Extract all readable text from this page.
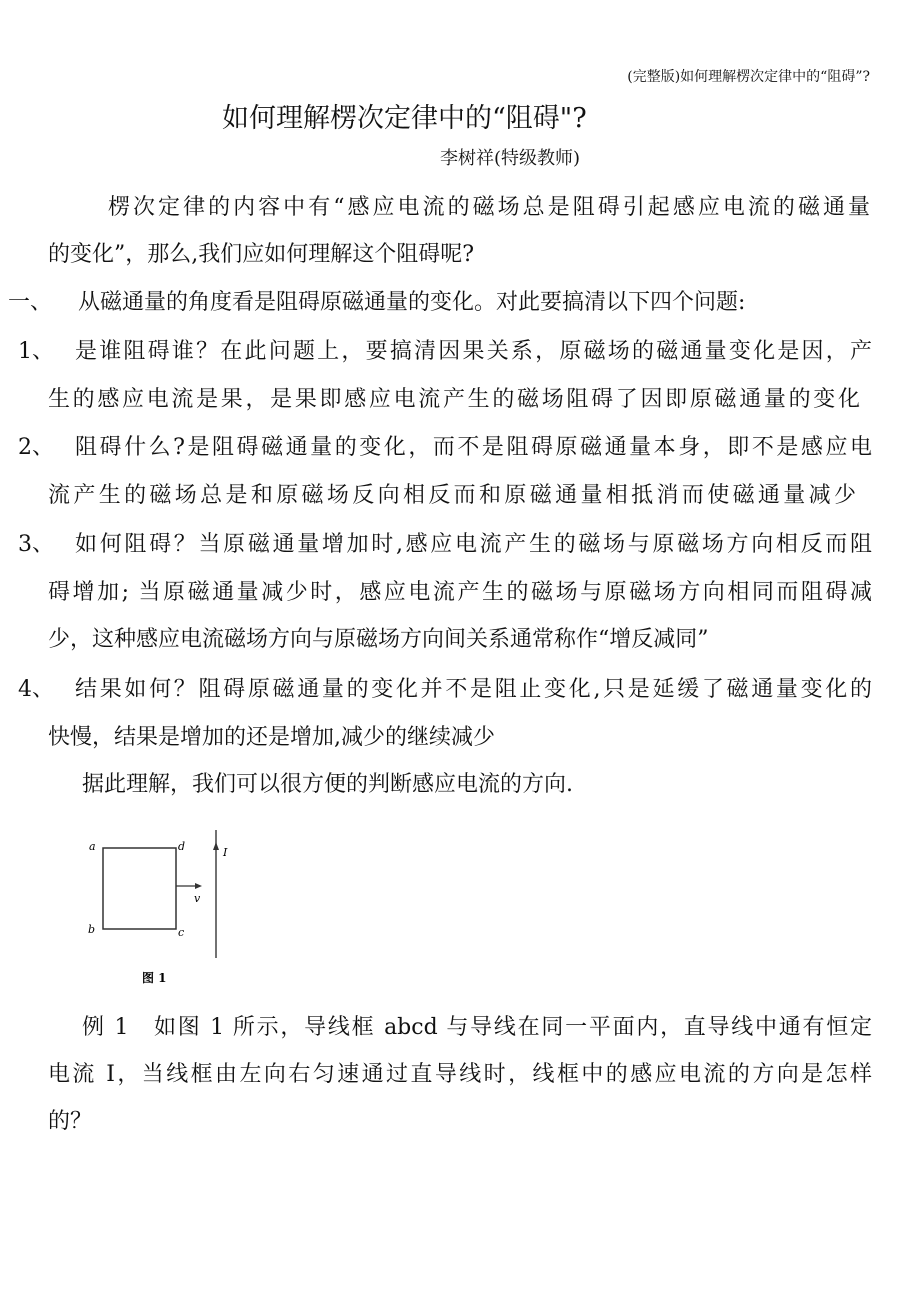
(完整版)如何理解楞次定律中的“阻碍”?
如何理解楞次定律中的“阻碍"?
李树祥(特级教师)
楞次定律的内容中有“感应电流的磁场总是阻碍引起感应电流的磁通量
的变化”，那么,我们应如何理解这个阻碍呢?
一、 从磁通量的角度看是阻碍原磁通量的变化。对此要搞清以下四个问题:
1、 是谁阻碍谁？在此问题上，要搞清因果关系，原磁场的磁通量变化是因，产
生的感应电流是果，是果即感应电流产生的磁场阻碍了因即原磁通量的变化
2、 阻碍什么?是阻碍磁通量的变化，而不是阻碍原磁通量本身，即不是感应电
流产生的磁场总是和原磁场反向相反而和原磁通量相抵消而使磁通量减少
3、 如何阻碍？当原磁通量增加时,感应电流产生的磁场与原磁场方向相反而阻
碍增加; 当原磁通量减少时，感应电流产生的磁场与原磁场方向相同而阻碍减
少，这种感应电流磁场方向与原磁场方向间关系通常称作“增反减同”
4、 结果如何？阻碍原磁通量的变化并不是阻止变化,只是延缓了磁通量变化的
快慢，结果是增加的还是增加,减少的继续减少
据此理解，我们可以很方便的判断感应电流的方向.
a	d
b	c
v
I
图 1
例 1　如图 1 所示，导线框 abcd 与导线在同一平面内，直导线中通有恒定
电流 I，当线框由左向右匀速通过直导线时，线框中的感应电流的方向是怎样
的？
